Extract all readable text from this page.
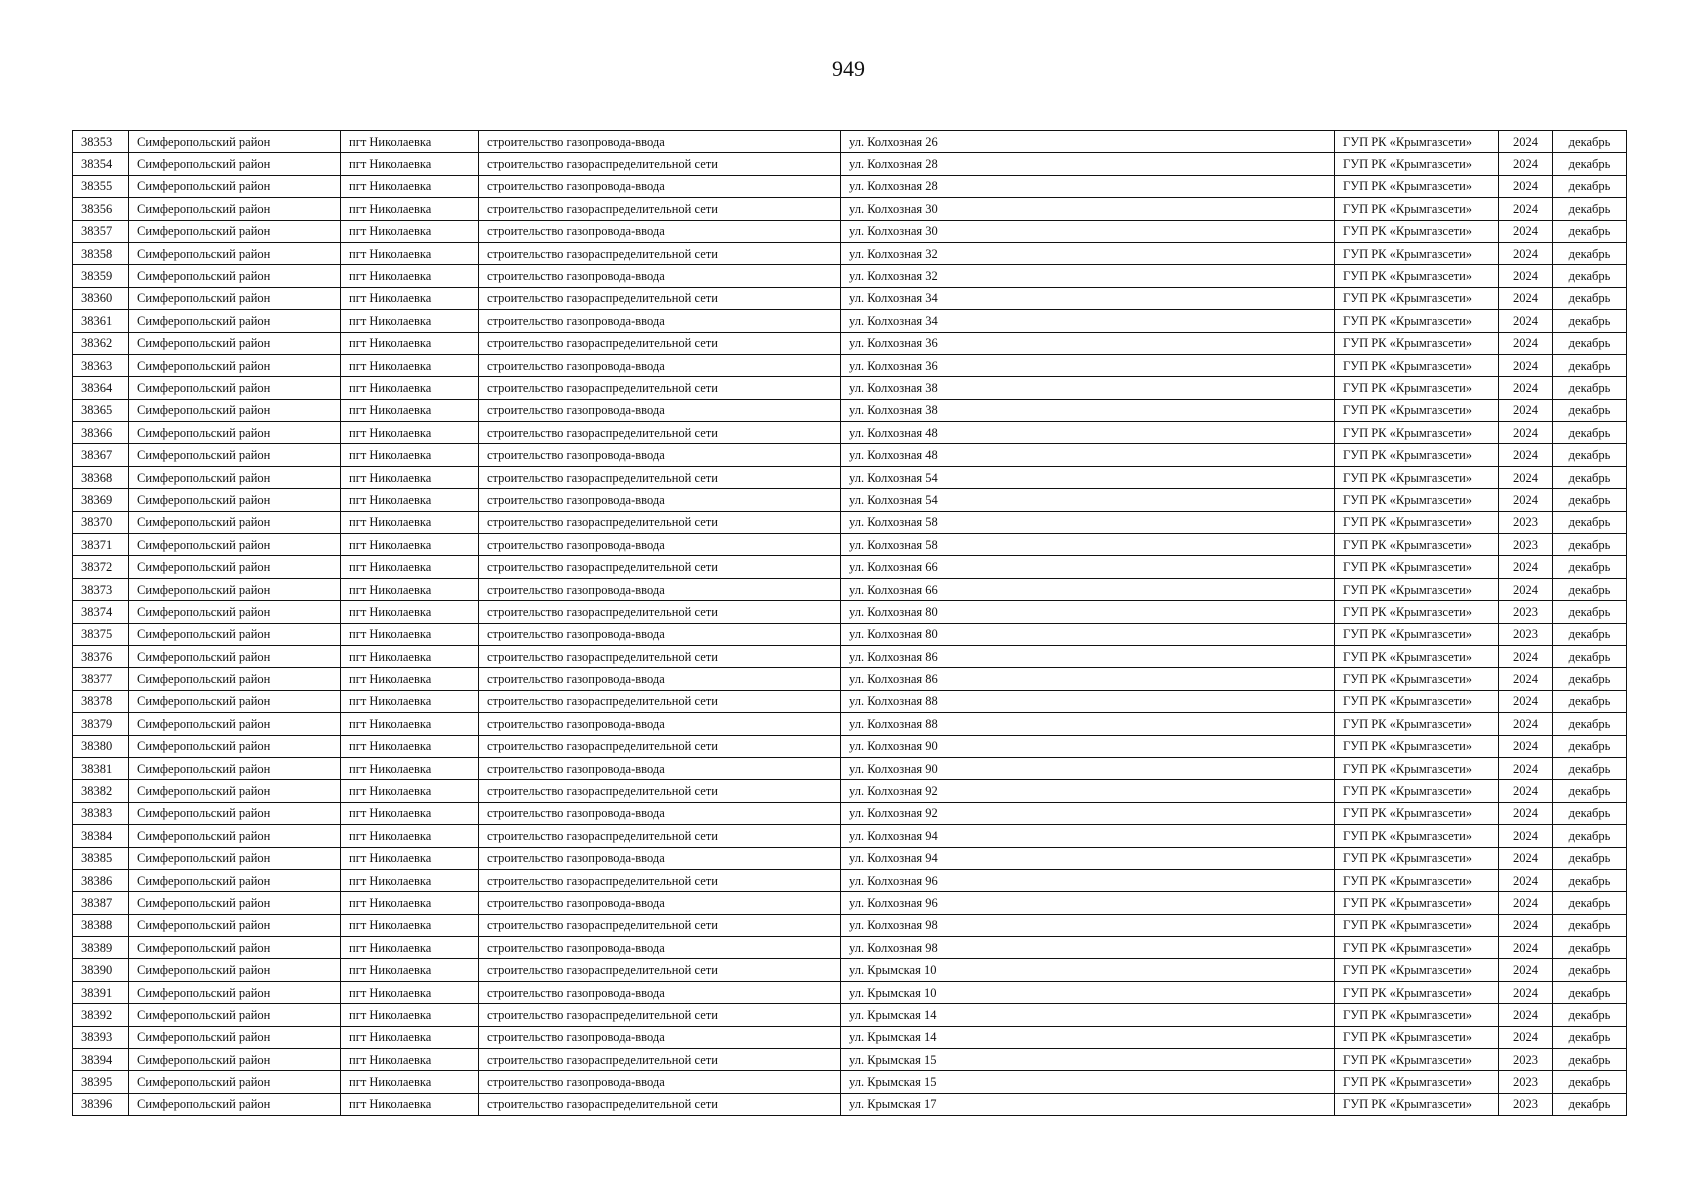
949
38353	Симферопольский район	пгт Николаевка	строительство газопровода-ввода	ул. Колхозная 26	ГУП РК «Крымгазсети»	2024	декабрь
38354	Симферопольский район	пгт Николаевка	строительство газораспределительной сети	ул. Колхозная 28	ГУП РК «Крымгазсети»	2024	декабрь
38355	Симферопольский район	пгт Николаевка	строительство газопровода-ввода	ул. Колхозная 28	ГУП РК «Крымгазсети»	2024	декабрь
38356	Симферопольский район	пгт Николаевка	строительство газораспределительной сети	ул. Колхозная 30	ГУП РК «Крымгазсети»	2024	декабрь
38357	Симферопольский район	пгт Николаевка	строительство газопровода-ввода	ул. Колхозная 30	ГУП РК «Крымгазсети»	2024	декабрь
38358	Симферопольский район	пгт Николаевка	строительство газораспределительной сети	ул. Колхозная 32	ГУП РК «Крымгазсети»	2024	декабрь
38359	Симферопольский район	пгт Николаевка	строительство газопровода-ввода	ул. Колхозная 32	ГУП РК «Крымгазсети»	2024	декабрь
38360	Симферопольский район	пгт Николаевка	строительство газораспределительной сети	ул. Колхозная 34	ГУП РК «Крымгазсети»	2024	декабрь
38361	Симферопольский район	пгт Николаевка	строительство газопровода-ввода	ул. Колхозная 34	ГУП РК «Крымгазсети»	2024	декабрь
38362	Симферопольский район	пгт Николаевка	строительство газораспределительной сети	ул. Колхозная 36	ГУП РК «Крымгазсети»	2024	декабрь
38363	Симферопольский район	пгт Николаевка	строительство газопровода-ввода	ул. Колхозная 36	ГУП РК «Крымгазсети»	2024	декабрь
38364	Симферопольский район	пгт Николаевка	строительство газораспределительной сети	ул. Колхозная 38	ГУП РК «Крымгазсети»	2024	декабрь
38365	Симферопольский район	пгт Николаевка	строительство газопровода-ввода	ул. Колхозная 38	ГУП РК «Крымгазсети»	2024	декабрь
38366	Симферопольский район	пгт Николаевка	строительство газораспределительной сети	ул. Колхозная 48	ГУП РК «Крымгазсети»	2024	декабрь
38367	Симферопольский район	пгт Николаевка	строительство газопровода-ввода	ул. Колхозная 48	ГУП РК «Крымгазсети»	2024	декабрь
38368	Симферопольский район	пгт Николаевка	строительство газораспределительной сети	ул. Колхозная 54	ГУП РК «Крымгазсети»	2024	декабрь
38369	Симферопольский район	пгт Николаевка	строительство газопровода-ввода	ул. Колхозная 54	ГУП РК «Крымгазсети»	2024	декабрь
38370	Симферопольский район	пгт Николаевка	строительство газораспределительной сети	ул. Колхозная 58	ГУП РК «Крымгазсети»	2023	декабрь
38371	Симферопольский район	пгт Николаевка	строительство газопровода-ввода	ул. Колхозная 58	ГУП РК «Крымгазсети»	2023	декабрь
38372	Симферопольский район	пгт Николаевка	строительство газораспределительной сети	ул. Колхозная 66	ГУП РК «Крымгазсети»	2024	декабрь
38373	Симферопольский район	пгт Николаевка	строительство газопровода-ввода	ул. Колхозная 66	ГУП РК «Крымгазсети»	2024	декабрь
38374	Симферопольский район	пгт Николаевка	строительство газораспределительной сети	ул. Колхозная 80	ГУП РК «Крымгазсети»	2023	декабрь
38375	Симферопольский район	пгт Николаевка	строительство газопровода-ввода	ул. Колхозная 80	ГУП РК «Крымгазсети»	2023	декабрь
38376	Симферопольский район	пгт Николаевка	строительство газораспределительной сети	ул. Колхозная 86	ГУП РК «Крымгазсети»	2024	декабрь
38377	Симферопольский район	пгт Николаевка	строительство газопровода-ввода	ул. Колхозная 86	ГУП РК «Крымгазсети»	2024	декабрь
38378	Симферопольский район	пгт Николаевка	строительство газораспределительной сети	ул. Колхозная 88	ГУП РК «Крымгазсети»	2024	декабрь
38379	Симферопольский район	пгт Николаевка	строительство газопровода-ввода	ул. Колхозная 88	ГУП РК «Крымгазсети»	2024	декабрь
38380	Симферопольский район	пгт Николаевка	строительство газораспределительной сети	ул. Колхозная 90	ГУП РК «Крымгазсети»	2024	декабрь
38381	Симферопольский район	пгт Николаевка	строительство газопровода-ввода	ул. Колхозная 90	ГУП РК «Крымгазсети»	2024	декабрь
38382	Симферопольский район	пгт Николаевка	строительство газораспределительной сети	ул. Колхозная 92	ГУП РК «Крымгазсети»	2024	декабрь
38383	Симферопольский район	пгт Николаевка	строительство газопровода-ввода	ул. Колхозная 92	ГУП РК «Крымгазсети»	2024	декабрь
38384	Симферопольский район	пгт Николаевка	строительство газораспределительной сети	ул. Колхозная 94	ГУП РК «Крымгазсети»	2024	декабрь
38385	Симферопольский район	пгт Николаевка	строительство газопровода-ввода	ул. Колхозная 94	ГУП РК «Крымгазсети»	2024	декабрь
38386	Симферопольский район	пгт Николаевка	строительство газораспределительной сети	ул. Колхозная 96	ГУП РК «Крымгазсети»	2024	декабрь
38387	Симферопольский район	пгт Николаевка	строительство газопровода-ввода	ул. Колхозная 96	ГУП РК «Крымгазсети»	2024	декабрь
38388	Симферопольский район	пгт Николаевка	строительство газораспределительной сети	ул. Колхозная 98	ГУП РК «Крымгазсети»	2024	декабрь
38389	Симферопольский район	пгт Николаевка	строительство газопровода-ввода	ул. Колхозная 98	ГУП РК «Крымгазсети»	2024	декабрь
38390	Симферопольский район	пгт Николаевка	строительство газораспределительной сети	ул. Крымская 10	ГУП РК «Крымгазсети»	2024	декабрь
38391	Симферопольский район	пгт Николаевка	строительство газопровода-ввода	ул. Крымская 10	ГУП РК «Крымгазсети»	2024	декабрь
38392	Симферопольский район	пгт Николаевка	строительство газораспределительной сети	ул. Крымская 14	ГУП РК «Крымгазсети»	2024	декабрь
38393	Симферопольский район	пгт Николаевка	строительство газопровода-ввода	ул. Крымская 14	ГУП РК «Крымгазсети»	2024	декабрь
38394	Симферопольский район	пгт Николаевка	строительство газораспределительной сети	ул. Крымская 15	ГУП РК «Крымгазсети»	2023	декабрь
38395	Симферопольский район	пгт Николаевка	строительство газопровода-ввода	ул. Крымская 15	ГУП РК «Крымгазсети»	2023	декабрь
38396	Симферопольский район	пгт Николаевка	строительство газораспределительной сети	ул. Крымская 17	ГУП РК «Крымгазсети»	2023	декабрь
